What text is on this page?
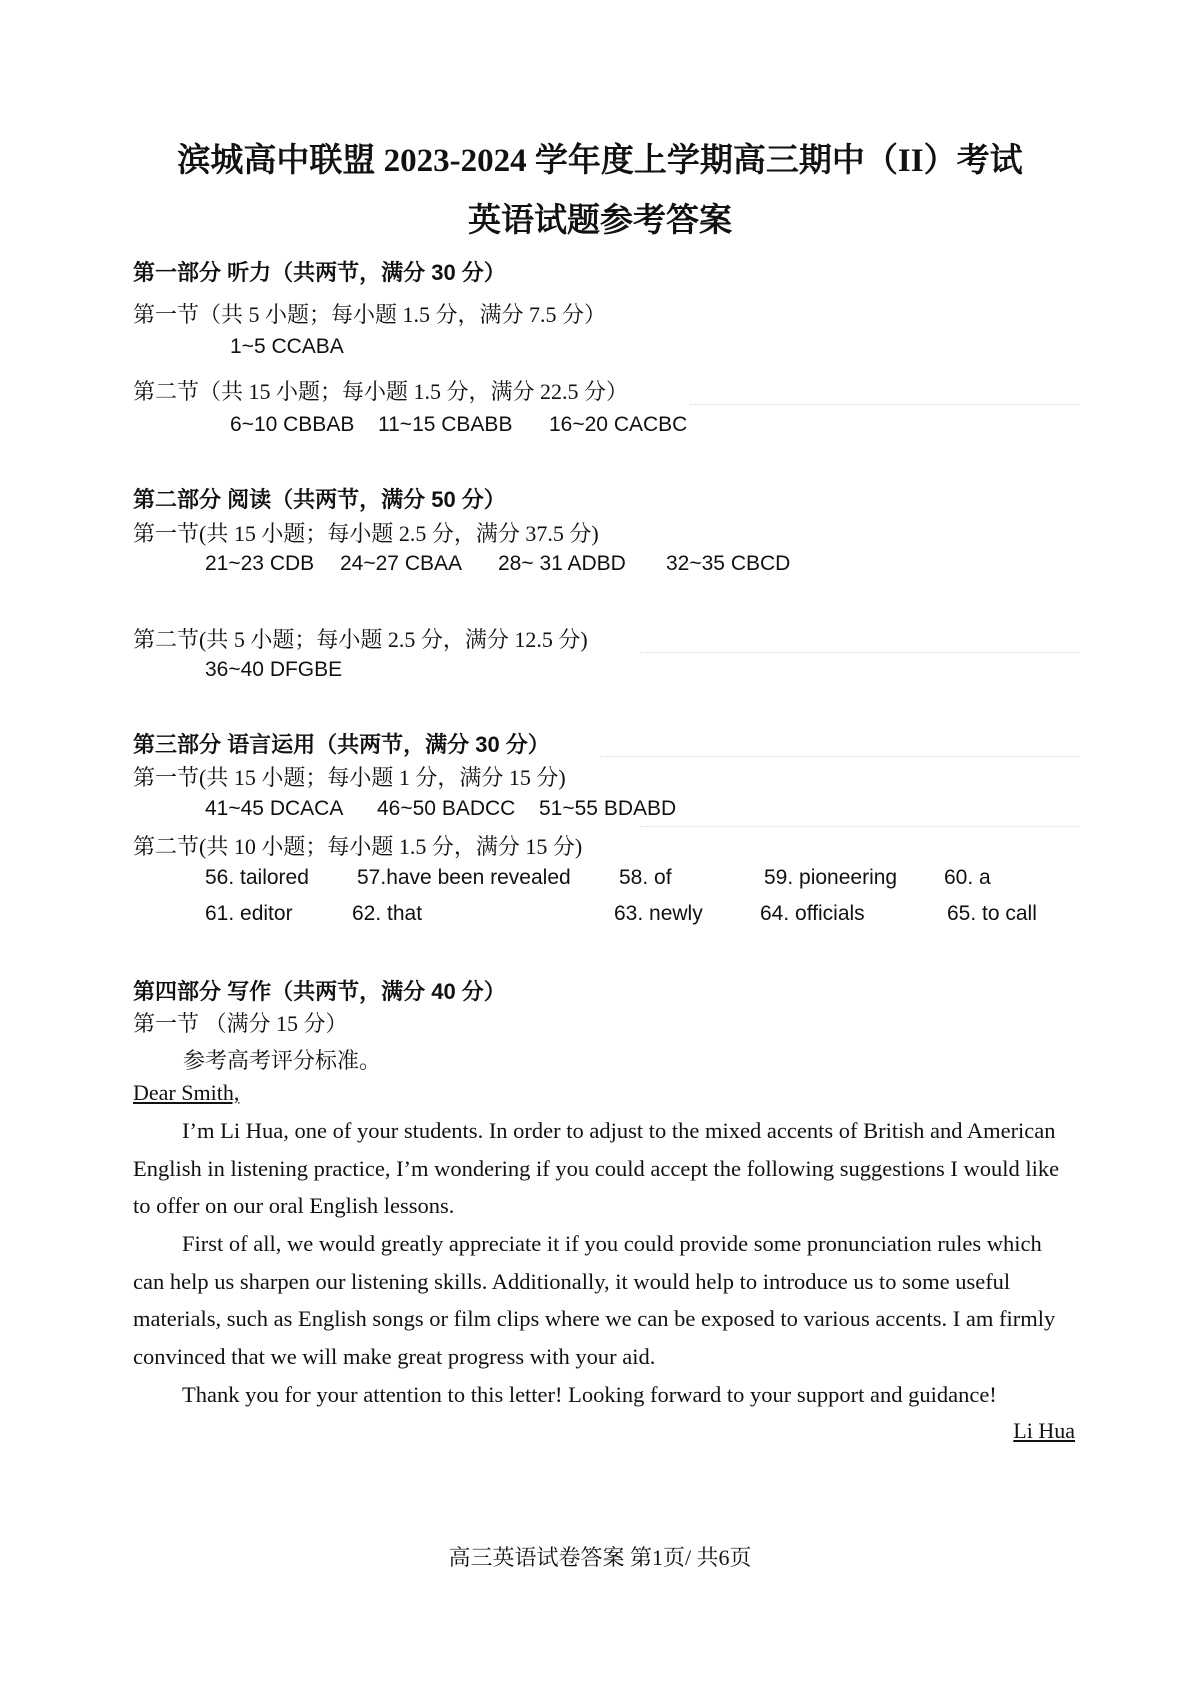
滨城高中联盟 2023-2024 学年度上学期高三期中（II）考试
英语试题参考答案
第一部分 听力（共两节，满分 30 分）
第一节（共 5 小题；每小题 1.5 分，满分 7.5 分）
1~5 CCABA
第二节（共 15 小题；每小题 1.5 分，满分 22.5 分）
6~10 CBBAB 11~15 CBABB 16~20 CACBC
第二部分 阅读（共两节，满分 50 分）
第一节(共 15 小题；每小题 2.5 分，满分 37.5 分)
21~23 CDB 24~27 CBAA 28~ 31 ADBD 32~35 CBCD
第二节(共 5 小题；每小题 2.5 分，满分 12.5 分)
36~40 DFGBE
第三部分 语言运用（共两节，满分 30 分）
第一节(共 15 小题；每小题 1 分，满分 15 分)
41~45 DCACA 46~50 BADCC 51~55 BDABD
第二节(共 10 小题；每小题 1.5 分，满分 15 分)
56. tailored 57.have been revealed 58. of	59. pioneering 60. a
61. editor	62. that	63. newly	64. officials	65. to call
第四部分 写作（共两节，满分 40 分）
第一节 （满分 15 分）
参考高考评分标准。
Dear Smith,
I’m Li Hua, one of your students. In order to adjust to the mixed accents of British and American English in listening practice, I’m wondering if you could accept the following suggestions I would like to offer on our oral English lessons.
First of all, we would greatly appreciate it if you could provide some pronunciation rules which can help us sharpen our listening skills. Additionally, it would help to introduce us to some useful materials, such as English songs or film clips where we can be exposed to various accents. I am firmly convinced that we will make great progress with your aid.
Thank you for your attention to this letter! Looking forward to your support and guidance!
Li Hua
高三英语试卷答案 第1页/ 共6页
